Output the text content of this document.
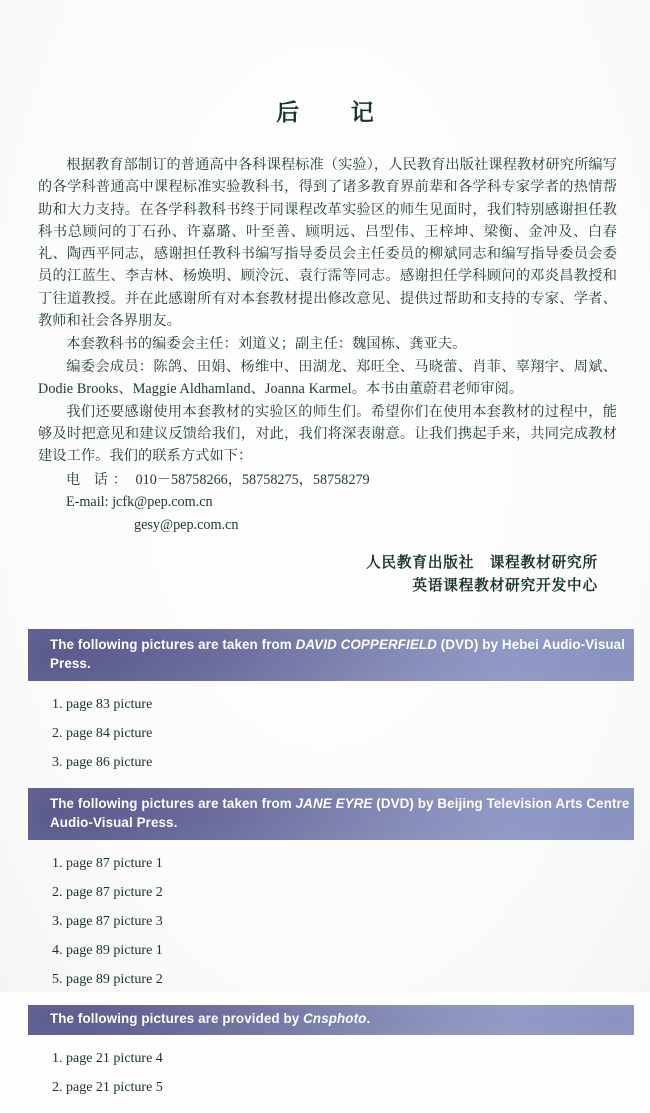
后　记

根据教育部制订的普通高中各科课程标准（实验），人民教育出版社课程教材研究所编写的各学科普通高中课程标准实验教科书，得到了诸多教育界前辈和各学科专家学者的热情帮助和大力支持。在各学科教科书终于同课程改革实验区的师生见面时，我们特别感谢担任教科书总顾问的丁石孙、许嘉璐、叶至善、顾明远、吕型伟、王梓坤、梁衡、金冲及、白春礼、陶西平同志，感谢担任教科书编写指导委员会主任委员的柳斌同志和编写指导委员会委员的江蓝生、李吉林、杨焕明、顾泠沅、袁行霈等同志。感谢担任学科顾问的邓炎昌教授和丁往道教授。并在此感谢所有对本套教材提出修改意见、提供过帮助和支持的专家、学者、教师和社会各界朋友。

本套教科书的编委会主任：刘道义；副主任：魏国栋、龚亚夫。

编委会成员：陈鸽、田娟、杨维中、田湖龙、郑旺全、马晓蕾、肖菲、辜翔宇、周斌、Dodie Brooks、Maggie Aldhamland、Joanna Karmel。本书由董蔚君老师审阅。

我们还要感谢使用本套教材的实验区的师生们。希望你们在使用本套教材的过程中，能够及时把意见和建议反馈给我们，对此，我们将深表谢意。让我们携起手来，共同完成教材建设工作。我们的联系方式如下：

电 话： 010－58758266，58758275，58758279
E-mail: jcfk@pep.com.cn
gesy@pep.com.cn
人民教育出版社　课程教材研究所
英语课程教材研究开发中心
The following pictures are taken from DAVID COPPERFIELD (DVD) by Hebei Audio-Visual Press.
1. page 83 picture
2. page 84 picture
3. page 86 picture
The following pictures are taken from JANE EYRE (DVD) by Beijing Television Arts Centre Audio-Visual Press.
1. page 87 picture 1
2. page 87 picture 2
3. page 87 picture 3
4. page 89 picture 1
5. page 89 picture 2
The following pictures are provided by Cnsphoto.
1. page 21 picture 4
2. page 21 picture 5
